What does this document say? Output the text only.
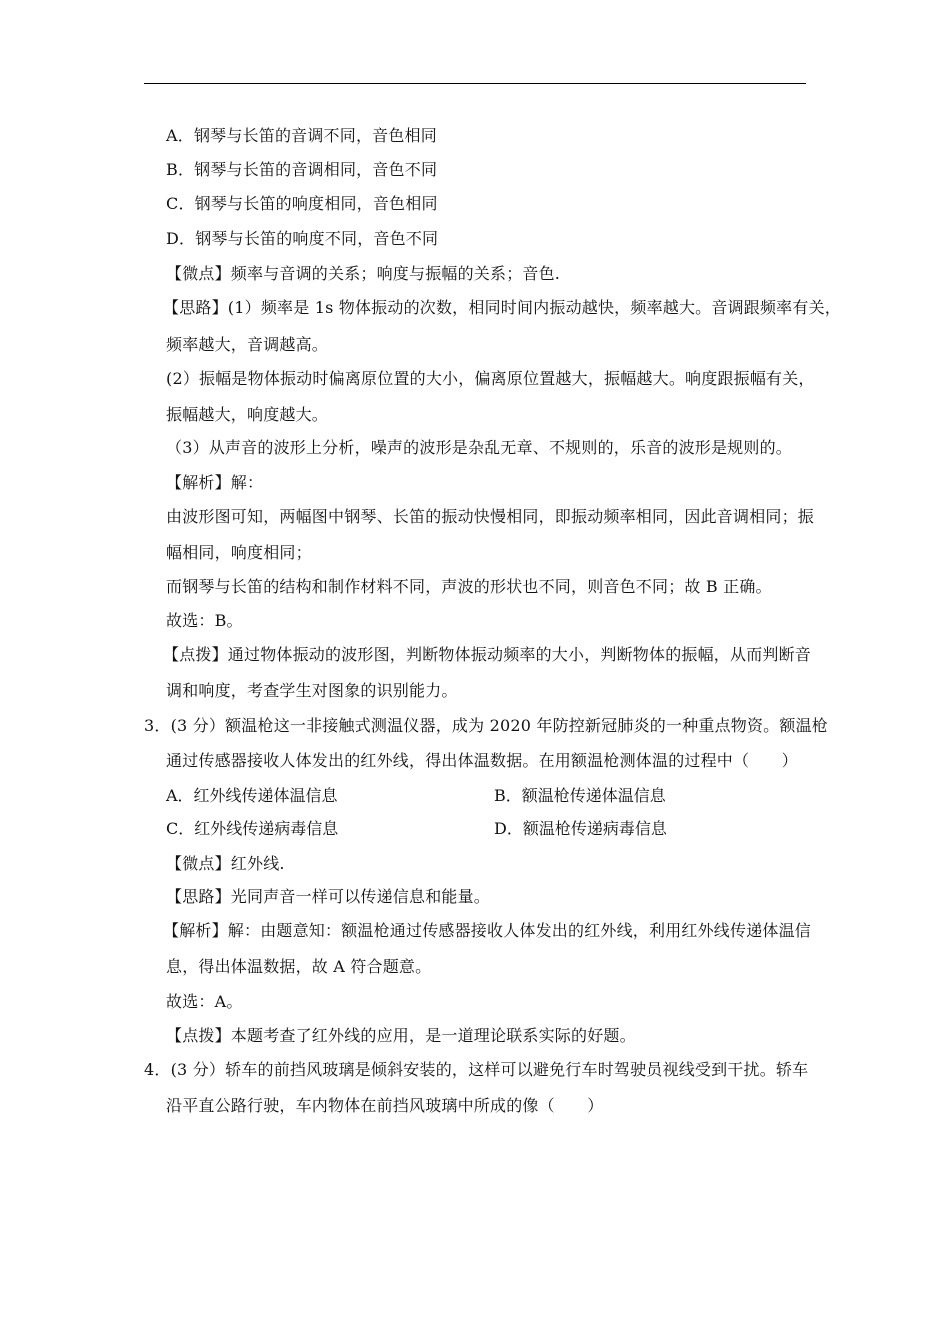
A．钢琴与长笛的音调不同，音色相同
B．钢琴与长笛的音调相同，音色不同
C．钢琴与长笛的响度相同，音色相同
D．钢琴与长笛的响度不同，音色不同
【微点】频率与音调的关系；响度与振幅的关系；音色.
【思路】(1）频率是 1s 物体振动的次数，相同时间内振动越快，频率越大。音调跟频率有关，
频率越大，音调越高。
(2）振幅是物体振动时偏离原位置的大小，偏离原位置越大，振幅越大。响度跟振幅有关，
振幅越大，响度越大。
（3）从声音的波形上分析，噪声的波形是杂乱无章、不规则的，乐音的波形是规则的。
【解析】解：
由波形图可知，两幅图中钢琴、长笛的振动快慢相同，即振动频率相同，因此音调相同；振
幅相同，响度相同；
而钢琴与长笛的结构和制作材料不同，声波的形状也不同，则音色不同；故 B 正确。
故选：B。
【点拨】通过物体振动的波形图，判断物体振动频率的大小，判断物体的振幅，从而判断音
调和响度，考查学生对图象的识别能力。
3．(3 分）额温枪这一非接触式测温仪器，成为 2020 年防控新冠肺炎的一种重点物资。额温枪
通过传感器接收人体发出的红外线，得出体温数据。在用额温枪测体温的过程中（　　）
A．红外线传递体温信息	B．额温枪传递体温信息
C．红外线传递病毒信息	D．额温枪传递病毒信息
【微点】红外线.
【思路】光同声音一样可以传递信息和能量。
【解析】解：由题意知：额温枪通过传感器接收人体发出的红外线，利用红外线传递体温信
息，得出体温数据，故 A 符合题意。
故选：A。
【点拨】本题考查了红外线的应用，是一道理论联系实际的好题。
4．(3 分）轿车的前挡风玻璃是倾斜安装的，这样可以避免行车时驾驶员视线受到干扰。轿车
沿平直公路行驶，车内物体在前挡风玻璃中所成的像（　　）
